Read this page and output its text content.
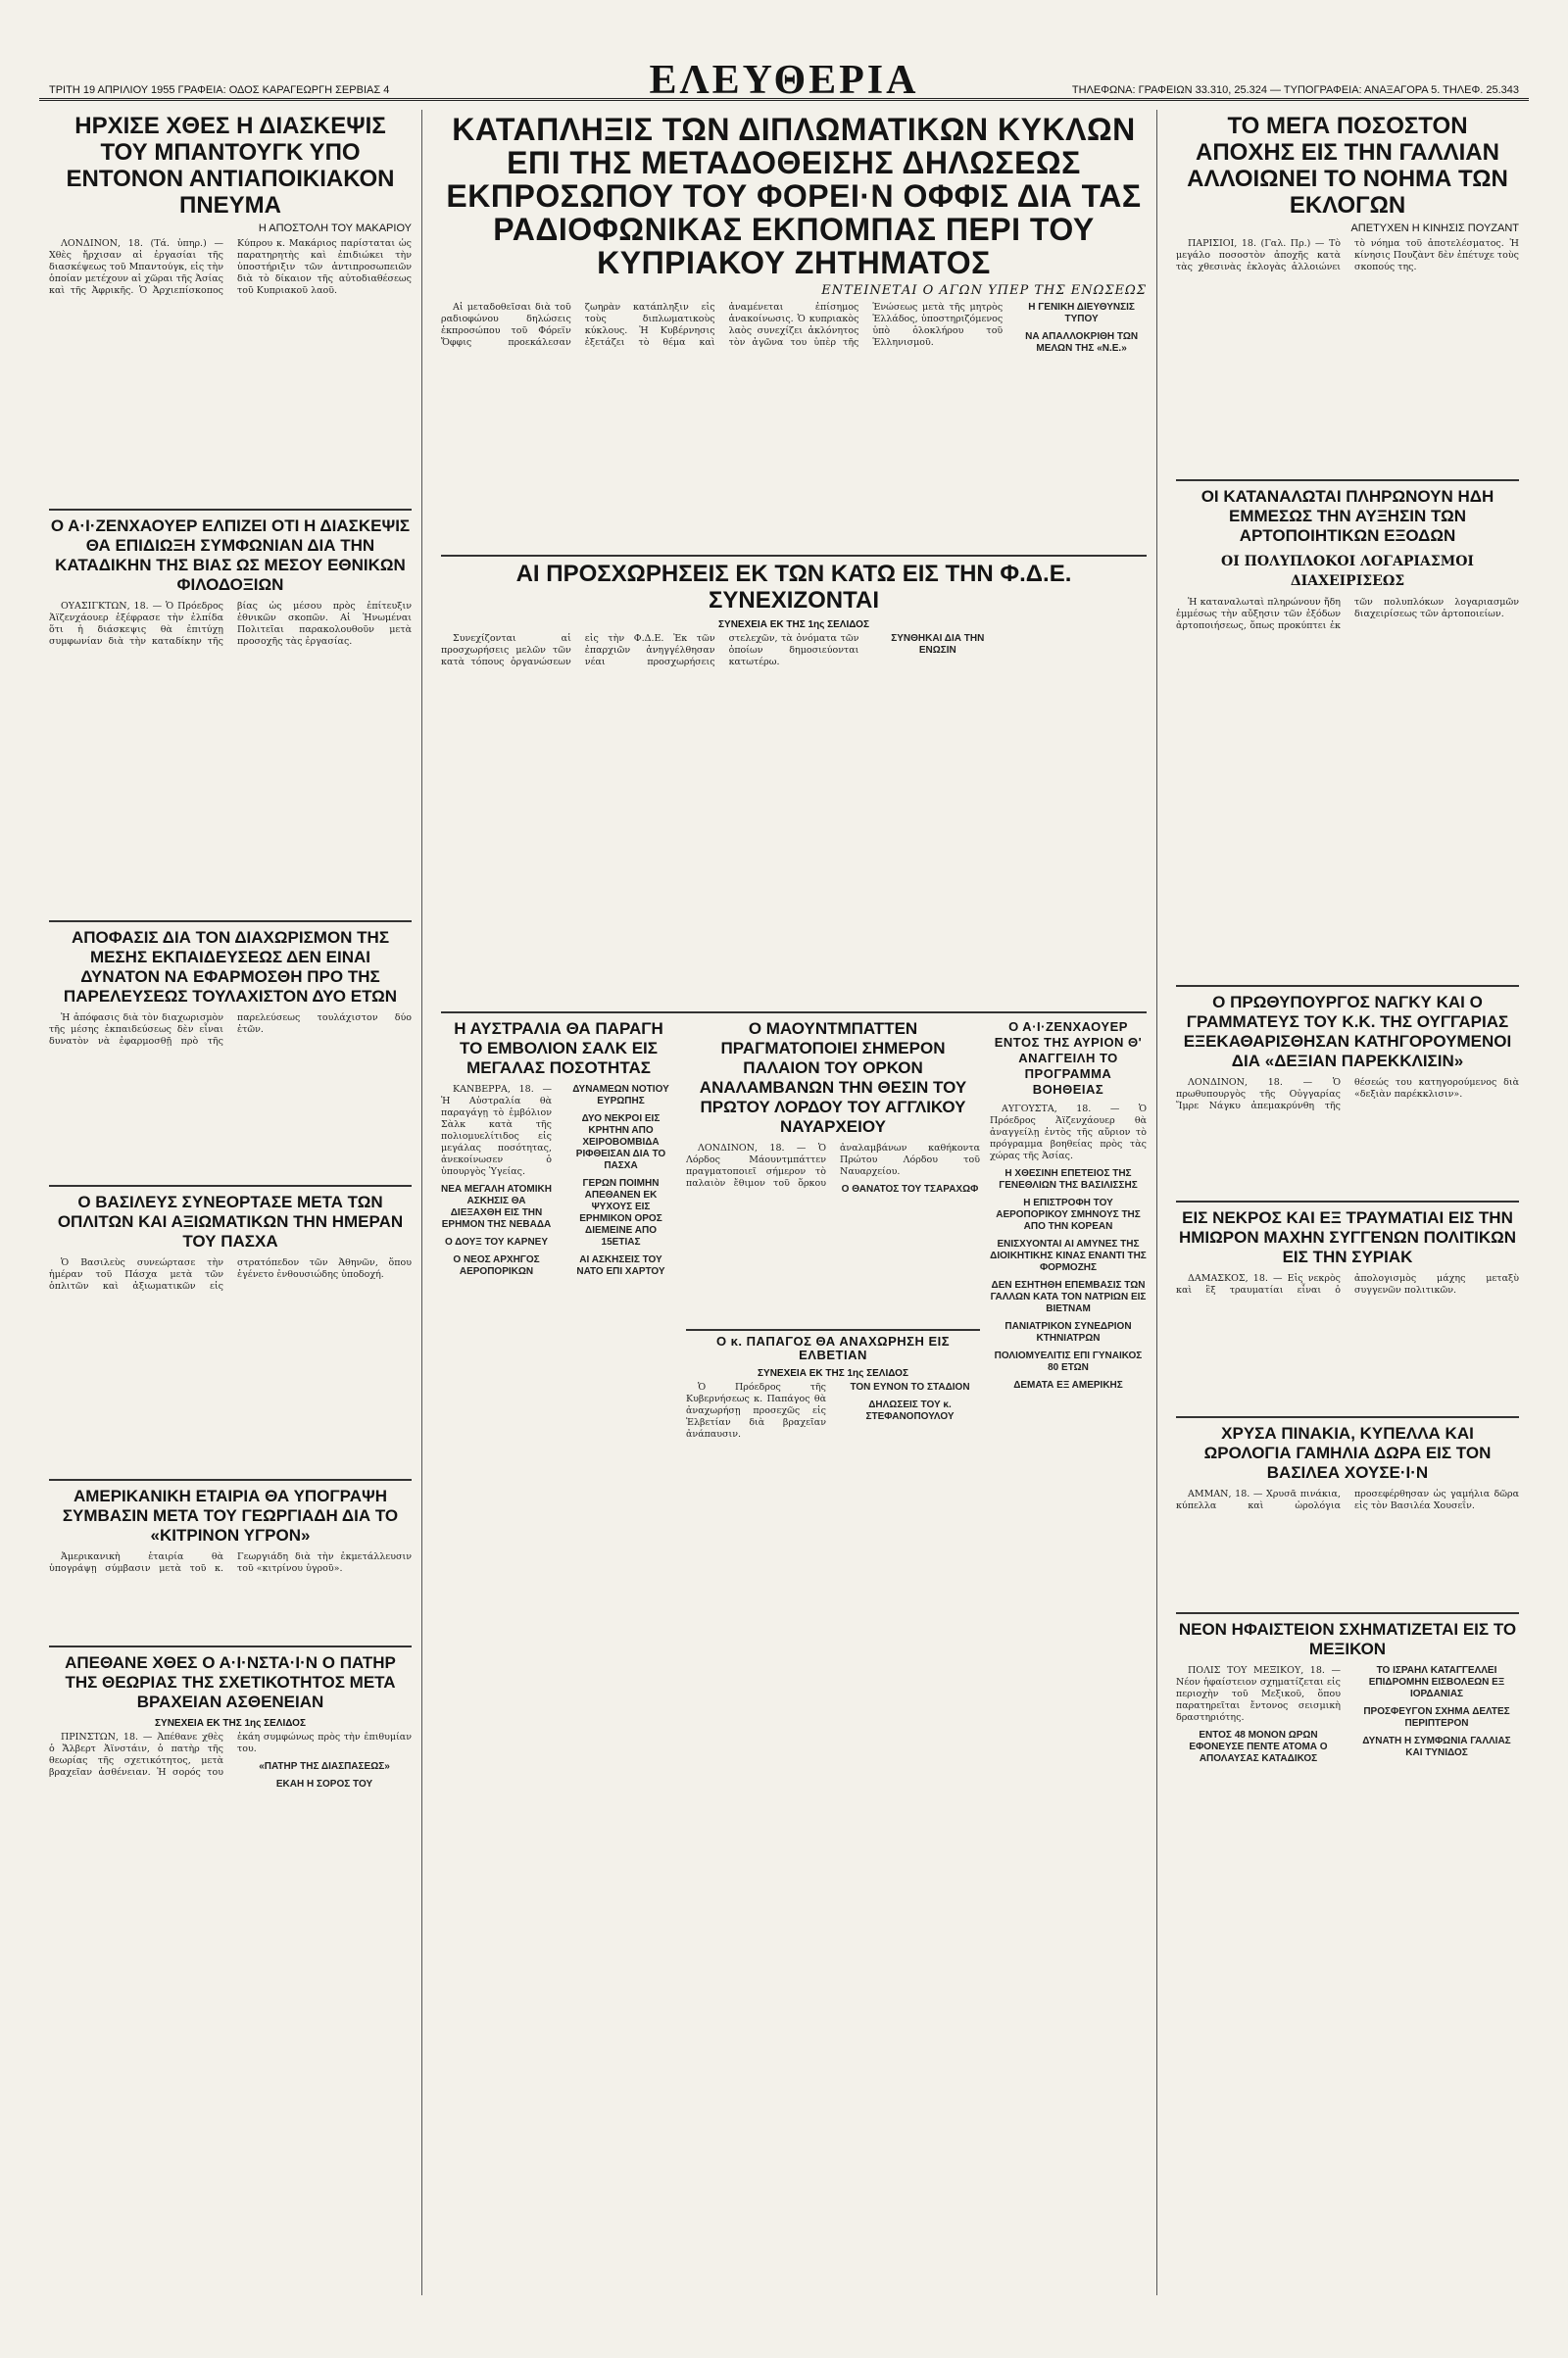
ΕΛΕΥΘΕΡΙΑ
ΤΡΙΤΗ 19 ΑΠΡΙΛΙΟΥ 1955 ΓΡΑΦΕΙΑ: ΟΔΟΣ ΚΑΡΑΓΕΩΡΓΗ ΣΕΡΒΙΑΣ 4	ΤΗΛΕΦΩΝΑ: ΓΡΑΦΕΙΩΝ 33.310, 25.324 — ΤΥΠΟΓΡΑΦΕΙΑ: ΑΝΑΞΑΓΟΡΑ 5. ΤΗΛΕΦ. 25.343
ΗΡΧΙΣΕ ΧΘΕΣ Η ΔΙΑΣΚΕΨΙΣ ΤΟΥ ΜΠΑΝΤΟΥΓΚ ΥΠΟ ΕΝΤΟΝΟΝ ΑΝΤΙΑΠΟΙΚΙΑΚΟΝ ΠΝΕΥΜΑ
Η ΑΠΟΣΤΟΛΗ ΤΟΥ ΜΑΚΑΡΙΟΥ

ΛΟΝΔΙΝΟΝ, 18. (Τά. ὑπηρ.) — Χθὲς ἤρχισαν αἱ ἐργασίαι τῆς διασκέψεως τοῦ Μπαντούγκ, εἰς τὴν ὁποίαν μετέχουν αἱ χῶραι τῆς Ἀσίας καὶ τῆς Ἀφρικῆς. Ὁ Ἀρχιεπίσκοπος Κύπρου κ. Μακάριος παρίσταται ὡς παρατηρητὴς καὶ ἐπιδιώκει τὴν ὑποστήριξιν τῶν ἀντιπροσωπειῶν διὰ τὸ δίκαιον τῆς αὐτοδιαθέσεως τοῦ Κυπριακοῦ λαοῦ.

Ο Α·Ι·ΖΕΝΧΑΟΥΕΡ ΕΛΠΙΖΕΙ ΟΤΙ Η ΔΙΑΣΚΕΨΙΣ ΘΑ ΕΠΙΔΙΩΞΗ ΣΥΜΦΩΝΙΑΝ ΔΙΑ ΤΗΝ ΚΑΤΑΔΙΚΗΝ ΤΗΣ ΒΙΑΣ ΩΣ ΜΕΣΟΥ ΕΘΝΙΚΩΝ ΦΙΛΟΔΟΞΙΩΝ

ΟΥΑΣΙΓΚΤΩΝ, 18. — Ὁ Πρόεδρος Ἀϊζενχάουερ ἐξέφρασε τὴν ἐλπίδα ὅτι ἡ διάσκεψις θὰ ἐπιτύχῃ συμφωνίαν διὰ τὴν καταδίκην τῆς βίας ὡς μέσου πρὸς ἐπίτευξιν ἐθνικῶν σκοπῶν. Αἱ Ἠνωμέναι Πολιτεῖαι παρακολουθοῦν μετὰ προσοχῆς τὰς ἐργασίας.

ΑΠΟΦΑΣΙΣ ΔΙΑ ΤΟΝ ΔΙΑΧΩΡΙΣΜΟΝ ΤΗΣ ΜΕΣΗΣ ΕΚΠΑΙΔΕΥΣΕΩΣ ΔΕΝ ΕΙΝΑΙ ΔΥΝΑΤΟΝ ΝΑ ΕΦΑΡΜΟΣΘΗ ΠΡΟ ΤΗΣ ΠΑΡΕΛΕΥΣΕΩΣ ΤΟΥΛΑΧΙΣΤΟΝ ΔΥΟ ΕΤΩΝ

Ἡ ἀπόφασις διὰ τὸν διαχωρισμὸν τῆς μέσης ἐκπαιδεύσεως δὲν εἶναι δυνατὸν νὰ ἐφαρμοσθῇ πρὸ τῆς παρελεύσεως τουλάχιστον δύο ἐτῶν.

Ο ΒΑΣΙΛΕΥΣ ΣΥΝΕΟΡΤΑΣΕ ΜΕΤΑ ΤΩΝ ΟΠΛΙΤΩΝ ΚΑΙ ΑΞΙΩΜΑΤΙΚΩΝ ΤΗΝ ΗΜΕΡΑΝ ΤΟΥ ΠΑΣΧΑ

Ὁ Βασιλεὺς συνεώρτασε τὴν ἡμέραν τοῦ Πάσχα μετὰ τῶν ὁπλιτῶν καὶ ἀξιωματικῶν εἰς στρατόπεδον τῶν Ἀθηνῶν, ὅπου ἐγένετο ἐνθουσιώδης ὑποδοχή.

ΑΜΕΡΙΚΑΝΙΚΗ ΕΤΑΙΡΙΑ ΘΑ ΥΠΟΓΡΑΨΗ ΣΥΜΒΑΣΙΝ ΜΕΤΑ ΤΟΥ ΓΕΩΡΓΙΑΔΗ ΔΙΑ ΤΟ «ΚΙΤΡΙΝΟΝ ΥΓΡΟΝ»

Ἀμερικανικὴ ἑταιρία θὰ ὑπογράψῃ σύμβασιν μετὰ τοῦ κ. Γεωργιάδη διὰ τὴν ἐκμετάλλευσιν τοῦ «κιτρίνου ὑγροῦ».

ΑΠΕΘΑΝΕ ΧΘΕΣ Ο Α·Ι·ΝΣΤΑ·Ι·Ν Ο ΠΑΤΗΡ ΤΗΣ ΘΕΩΡΙΑΣ ΤΗΣ ΣΧΕΤΙΚΟΤΗΤΟΣ ΜΕΤΑ ΒΡΑΧΕΙΑΝ ΑΣΘΕΝΕΙΑΝ
ΣΥΝΕΧΕΙΑ ΕΚ ΤΗΣ 1ης ΣΕΛΙΔΟΣ

ΠΡΙΝΣΤΩΝ, 18. — Ἀπέθανε χθὲς ὁ Ἄλβερτ Ἀϊνστάιν, ὁ πατὴρ τῆς θεωρίας τῆς σχετικότητος, μετὰ βραχεῖαν ἀσθένειαν. Ἡ σορός του ἐκάη συμφώνως πρὸς τὴν ἐπιθυμίαν του.

«ΠΑΤΗΡ ΤΗΣ ΔΙΑΣΠΑΣΕΩΣ»
ΕΚΑΗ Η ΣΟΡΟΣ ΤΟΥ
ΚΑΤΑΠΛΗΞΙΣ ΤΩΝ ΔΙΠΛΩΜΑΤΙΚΩΝ ΚΥΚΛΩΝ ΕΠΙ ΤΗΣ ΜΕΤΑΔΟΘΕΙΣΗΣ ΔΗΛΩΣΕΩΣ ΕΚΠΡΟΣΩΠΟΥ ΤΟΥ ΦΟΡΕΙ·Ν ΟΦΦΙΣ ΔΙΑ ΤΑΣ ΡΑΔΙΟΦΩΝΙΚΑΣ ΕΚΠΟΜΠΑΣ ΠΕΡΙ ΤΟΥ ΚΥΠΡΙΑΚΟΥ ΖΗΤΗΜΑΤΟΣ
ΕΝΤΕΙΝΕΤΑΙ Ο ΑΓΩΝ ΥΠΕΡ ΤΗΣ ΕΝΩΣΕΩΣ

Αἱ μεταδοθεῖσαι διὰ τοῦ ραδιοφώνου δηλώσεις ἐκπροσώπου τοῦ Φόρεϊν Ὄφφις προεκάλεσαν ζωηρὰν κατάπληξιν εἰς τοὺς διπλωματικοὺς κύκλους. Ἡ Κυβέρνησις ἐξετάζει τὸ θέμα καὶ ἀναμένεται ἐπίσημος ἀνακοίνωσις. Ὁ κυπριακὸς λαὸς συνεχίζει ἀκλόνητος τὸν ἀγῶνα του ὑπὲρ τῆς Ἑνώσεως μετὰ τῆς μητρὸς Ἑλλάδος, ὑποστηριζόμενος ὑπὸ ὁλοκλήρου τοῦ Ἑλληνισμοῦ.

Η ΓΕΝΙΚΗ ΔΙΕΥΘΥΝΣΙΣ ΤΥΠΟΥ
ΝΑ ΑΠΑΛΛΟΚΡΙΘΗ ΤΩΝ ΜΕΛΩΝ ΤΗΣ «Ν.Ε.»
ΑΙ ΠΡΟΣΧΩΡΗΣΕΙΣ ΕΚ ΤΩΝ ΚΑΤΩ ΕΙΣ ΤΗΝ Φ.Δ.Ε. ΣΥΝΕΧΙΖΟΝΤΑΙ
ΣΥΝΕΧΕΙΑ ΕΚ ΤΗΣ 1ης ΣΕΛΙΔΟΣ

Συνεχίζονται αἱ προσχωρήσεις μελῶν τῶν κατὰ τόπους ὀργανώσεων εἰς τὴν Φ.Δ.Ε. Ἐκ τῶν ἐπαρχιῶν ἀνηγγέλθησαν νέαι προσχωρήσεις στελεχῶν, τὰ ὀνόματα τῶν ὁποίων δημοσιεύονται κατωτέρω.

ΣΥΝΘΗΚΑΙ ΔΙΑ ΤΗΝ ΕΝΩΣΙΝ
Η ΑΥΣΤΡΑΛΙΑ ΘΑ ΠΑΡΑΓΗ ΤΟ ΕΜΒΟΛΙΟΝ ΣΑΛΚ ΕΙΣ ΜΕΓΑΛΑΣ ΠΟΣΟΤΗΤΑΣ

ΚΑΝΒΕΡΡΑ, 18. — Ἡ Αὐστραλία θὰ παραγάγῃ τὸ ἐμβόλιον Σὰλκ κατὰ τῆς πολιομυελίτιδος εἰς μεγάλας ποσότητας, ἀνεκοίνωσεν ὁ ὑπουργὸς Ὑγείας.

ΝΕΑ ΜΕΓΑΛΗ ΑΤΟΜΙΚΗ ΑΣΚΗΣΙΣ ΘΑ ΔΙΕΞΑΧΘΗ ΕΙΣ ΤΗΝ ΕΡΗΜΟΝ ΤΗΣ ΝΕΒΑΔΑ
Ο ΔΟΥΞ ΤΟΥ ΚΑΡΝΕΥ
Ο ΝΕΟΣ ΑΡΧΗΓΟΣ ΑΕΡΟΠΟΡΙΚΩΝ ΔΥΝΑΜΕΩΝ ΝΟΤΙΟΥ ΕΥΡΩΠΗΣ
ΔΥΟ ΝΕΚΡΟΙ ΕΙΣ ΚΡΗΤΗΝ ΑΠΟ ΧΕΙΡΟΒΟΜΒΙΔΑ ΡΙΦΘΕΙΣΑΝ ΔΙΑ ΤΟ ΠΑΣΧΑ
ΓΕΡΩΝ ΠΟΙΜΗΝ ΑΠΕΘΑΝΕΝ ΕΚ ΨΥΧΟΥΣ ΕΙΣ ΕΡΗΜΙΚΟΝ ΟΡΟΣ ΔΙΕΜΕΙΝΕ ΑΠΟ 15ΕΤΙΑΣ
ΑΙ ΑΣΚΗΣΕΙΣ ΤΟΥ ΝΑΤΟ ΕΠΙ ΧΑΡΤΟΥ
Ο ΜΑΟΥΝΤΜΠΑΤΤΕΝ ΠΡΑΓΜΑΤΟΠΟΙΕΙ ΣΗΜΕΡΟΝ ΠΑΛΑΙΟΝ ΤΟΥ ΟΡΚΟΝ ΑΝΑΛΑΜΒΑΝΩΝ ΤΗΝ ΘΕΣΙΝ ΤΟΥ ΠΡΩΤΟΥ ΛΟΡΔΟΥ ΤΟΥ ΑΓΓΛΙΚΟΥ ΝΑΥΑΡΧΕΙΟΥ

ΛΟΝΔΙΝΟΝ, 18. — Ὁ Λόρδος Μάουντμπάττεν πραγματοποιεῖ σήμερον τὸ παλαιὸν ἔθιμον τοῦ ὅρκου ἀναλαμβάνων καθήκοντα Πρώτου Λόρδου τοῦ Ναυαρχείου.

Ο ΘΑΝΑΤΟΣ ΤΟΥ ΤΣΑΡΑΧΩΦ
Ο Α·Ι·ΖΕΝΧΑΟΥΕΡ ΕΝΤΟΣ ΤΗΣ ΑΥΡΙΟΝ Θ' ΑΝΑΓΓΕΙΛΗ ΤΟ ΠΡΟΓΡΑΜΜΑ ΒΟΗΘΕΙΑΣ

ΑΥΓΟΥΣΤΑ, 18. — Ὁ Πρόεδρος Ἀϊζενχάουερ θὰ ἀναγγείλῃ ἐντὸς τῆς αὔριον τὸ πρόγραμμα βοηθείας πρὸς τὰς χώρας τῆς Ἀσίας.

Η ΧΘΕΣΙΝΗ ΕΠΕΤΕΙΟΣ ΤΗΣ ΓΕΝΕΘΛΙΩΝ ΤΗΣ ΒΑΣΙΛΙΣΣΗΣ
Η ΕΠΙΣΤΡΟΦΗ ΤΟΥ ΑΕΡΟΠΟΡΙΚΟΥ ΣΜΗΝΟΥΣ ΤΗΣ ΑΠΟ ΤΗΝ ΚΟΡΕΑΝ
ΕΝΙΣΧΥΟΝΤΑΙ ΑΙ ΑΜΥΝΕΣ ΤΗΣ ΔΙΟΙΚΗΤΙΚΗΣ ΚΙΝΑΣ ΕΝΑΝΤΙ ΤΗΣ ΦΟΡΜΟΖΗΣ
ΔΕΝ ΕΣΗΤΗΘΗ ΕΠΕΜΒΑΣΙΣ ΤΩΝ ΓΑΛΛΩΝ ΚΑΤΑ ΤΟΝ ΝΑΤΡΙΩΝ ΕΙΣ ΒΙΕΤΝΑΜ
ΠΑΝΙΑΤΡΙΚΟΝ ΣΥΝΕΔΡΙΟΝ ΚΤΗΝΙΑΤΡΩΝ
ΠΟΛΙΟΜΥΕΛΙΤΙΣ ΕΠΙ ΓΥΝΑΙΚΟΣ 80 ΕΤΩΝ
ΔΕΜΑΤΑ ΕΞ ΑΜΕΡΙΚΗΣ
Ο κ. ΠΑΠΑΓΟΣ ΘΑ ΑΝΑΧΩΡΗΣΗ ΕΙΣ ΕΛΒΕΤΙΑΝ
ΣΥΝΕΧΕΙΑ ΕΚ ΤΗΣ 1ης ΣΕΛΙΔΟΣ

Ὁ Πρόεδρος τῆς Κυβερνήσεως κ. Παπάγος θὰ ἀναχωρήσῃ προσεχῶς εἰς Ἑλβετίαν διὰ βραχεῖαν ἀνάπαυσιν.

ΤΟΝ ΕΥΝΟΝ ΤΟ ΣΤΑΔΙΟΝ
ΔΗΛΩΣΕΙΣ ΤΟΥ κ. ΣΤΕΦΑΝΟΠΟΥΛΟΥ
ΤΟ ΜΕΓΑ ΠΟΣΟΣΤΟΝ ΑΠΟΧΗΣ ΕΙΣ ΤΗΝ ΓΑΛΛΙΑΝ ΑΛΛΟΙΩΝΕΙ ΤΟ ΝΟΗΜΑ ΤΩΝ ΕΚΛΟΓΩΝ
ΑΠΕΤΥΧΕΝ Η ΚΙΝΗΣΙΣ ΠΟΥΖΑΝΤ

ΠΑΡΙΣΙΟΙ, 18. (Γαλ. Πρ.) — Τὸ μεγάλο ποσοστὸν ἀποχῆς κατὰ τὰς χθεσινὰς ἐκλογὰς ἀλλοιώνει τὸ νόημα τοῦ ἀποτελέσματος. Ἡ κίνησις Πουζὰντ δὲν ἐπέτυχε τοὺς σκοπούς της.

ΟΙ ΚΑΤΑΝΑΛΩΤΑΙ ΠΛΗΡΩΝΟΥΝ ΗΔΗ ΕΜΜΕΣΩΣ ΤΗΝ ΑΥΞΗΣΙΝ ΤΩΝ ΑΡΤΟΠΟΙΗΤΙΚΩΝ ΕΞΟΔΩΝ
ΟΙ ΠΟΛΥΠΛΟΚΟΙ ΛΟΓΑΡΙΑΣΜΟΙ ΔΙΑΧΕΙΡΙΣΕΩΣ

Ἡ καταναλωταὶ πληρώνουν ἤδη ἐμμέσως τὴν αὔξησιν τῶν ἐξόδων ἀρτοποιήσεως, ὅπως προκύπτει ἐκ τῶν πολυπλόκων λογαριασμῶν διαχειρίσεως τῶν ἀρτοποιείων.

Ο ΠΡΩΘΥΠΟΥΡΓΟΣ ΝΑΓΚΥ ΚΑΙ Ο ΓΡΑΜΜΑΤΕΥΣ ΤΟΥ Κ.Κ. ΤΗΣ ΟΥΓΓΑΡΙΑΣ ΕΞΕΚΑΘΑΡΙΣΘΗΣΑΝ ΚΑΤΗΓΟΡΟΥΜΕΝΟΙ ΔΙΑ «ΔΕΞΙΑΝ ΠΑΡΕΚΚΛΙΣΙΝ»

ΛΟΝΔΙΝΟΝ, 18. — Ὁ πρωθυπουργὸς τῆς Οὐγγαρίας Ἴμρε Νάγκυ ἀπεμακρύνθη τῆς θέσεώς του κατηγορούμενος διὰ «δεξιὰν παρέκκλισιν».

ΕΙΣ ΝΕΚΡΟΣ ΚΑΙ ΕΞ ΤΡΑΥΜΑΤΙΑΙ ΕΙΣ ΤΗΝ ΗΜΙΩΡΟΝ ΜΑΧΗΝ ΣΥΓΓΕΝΩΝ ΠΟΛΙΤΙΚΩΝ ΕΙΣ ΤΗΝ ΣΥΡΙΑΚ

ΔΑΜΑΣΚΟΣ, 18. — Εἷς νεκρὸς καὶ ἓξ τραυματίαι εἶναι ὁ ἀπολογισμὸς μάχης μεταξὺ συγγενῶν πολιτικῶν.

ΧΡΥΣΑ ΠΙΝΑΚΙΑ, ΚΥΠΕΛΛΑ ΚΑΙ ΩΡΟΛΟΓΙΑ ΓΑΜΗΛΙΑ ΔΩΡΑ ΕΙΣ ΤΟΝ ΒΑΣΙΛΕΑ ΧΟΥΣΕ·Ι·Ν

ΑΜΜΑΝ, 18. — Χρυσᾶ πινάκια, κύπελλα καὶ ὡρολόγια προσεφέρθησαν ὡς γαμήλια δῶρα εἰς τὸν Βασιλέα Χουσεΐν.

ΝΕΟΝ ΗΦΑΙΣΤΕΙΟΝ ΣΧΗΜΑΤΙΖΕΤΑΙ ΕΙΣ ΤΟ ΜΕΞΙΚΟΝ

ΠΟΛΙΣ ΤΟΥ ΜΕΞΙΚΟΥ, 18. — Νέον ἡφαίστειον σχηματίζεται εἰς περιοχὴν τοῦ Μεξικοῦ, ὅπου παρατηρεῖται ἔντονος σεισμικὴ δραστηριότης.

ΕΝΤΟΣ 48 ΜΟΝΟΝ ΩΡΩΝ ΕΦΟΝΕΥΣΕ ΠΕΝΤΕ ΑΤΟΜΑ Ο ΑΠΟΛΑΥΣΑΣ ΚΑΤΑΔΙΚΟΣ
ΤΟ ΙΣΡΑΗΛ ΚΑΤΑΓΓΕΛΛΕΙ ΕΠΙΔΡΟΜΗΝ ΕΙΣΒΟΛΕΩΝ ΕΞ ΙΟΡΔΑΝΙΑΣ
ΠΡΟΣΦΕΥΓΟΝ ΣΧΗΜΑ ΔΕΛΤΕΣ ΠΕΡΙΠΤΕΡΟΝ
ΔΥΝΑΤΗ Η ΣΥΜΦΩΝΙΑ ΓΑΛΛΙΑΣ ΚΑΙ ΤΥΝΙΔΟΣ
